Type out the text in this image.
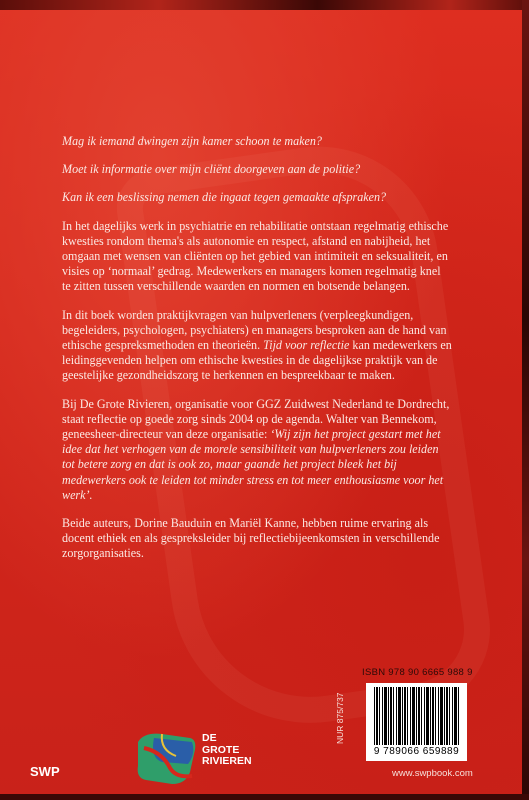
Mag ik iemand dwingen zijn kamer schoon te maken?

Moet ik informatie over mijn cliënt doorgeven aan de politie?

Kan ik een beslissing nemen die ingaat tegen gemaakte afspraken?

In het dagelijks werk in psychiatrie en rehabilitatie ontstaan regelmatig ethische kwesties rondom thema's als autonomie en respect, afstand en nabijheid, het omgaan met wensen van cliënten op het gebied van intimiteit en seksualiteit, en visies op ‘normaal’ gedrag. Medewerkers en managers komen regelmatig knel te zitten tussen verschillende waarden en normen en botsende belangen.

In dit boek worden praktijkvragen van hulpverleners (verpleegkundigen, begeleiders, psychologen, psychiaters) en managers besproken aan de hand van ethische gespreksmethoden en theorieën. Tijd voor reflectie kan medewerkers en leidinggevenden helpen om ethische kwesties in de dagelijkse praktijk van de geestelijke gezondheidszorg te herkennen en bespreekbaar te maken.

Bij De Grote Rivieren, organisatie voor GGZ Zuidwest Nederland te Dordrecht, staat reflectie op goede zorg sinds 2004 op de agenda. Walter van Bennekom, geneesheer-directeur van deze organisatie: ‘Wij zijn het project gestart met het idee dat het verhogen van de morele sensibiliteit van hulpverleners zou leiden tot betere zorg en dat is ook zo, maar gaande het project bleek het bij medewerkers ook te leiden tot minder stress en tot meer enthousiasme voor het werk’.

Beide auteurs, Dorine Bauduin en Mariël Kanne, hebben ruime ervaring als docent ethiek en als gespreksleider bij reflectiebijeenkomsten in verschillende zorgorganisaties.

ISBN 978 90 6665 988 9
9 789066 659889
NUR 875/737
www.swpbook.com
SWP
DE
GROTE
RIVIEREN
